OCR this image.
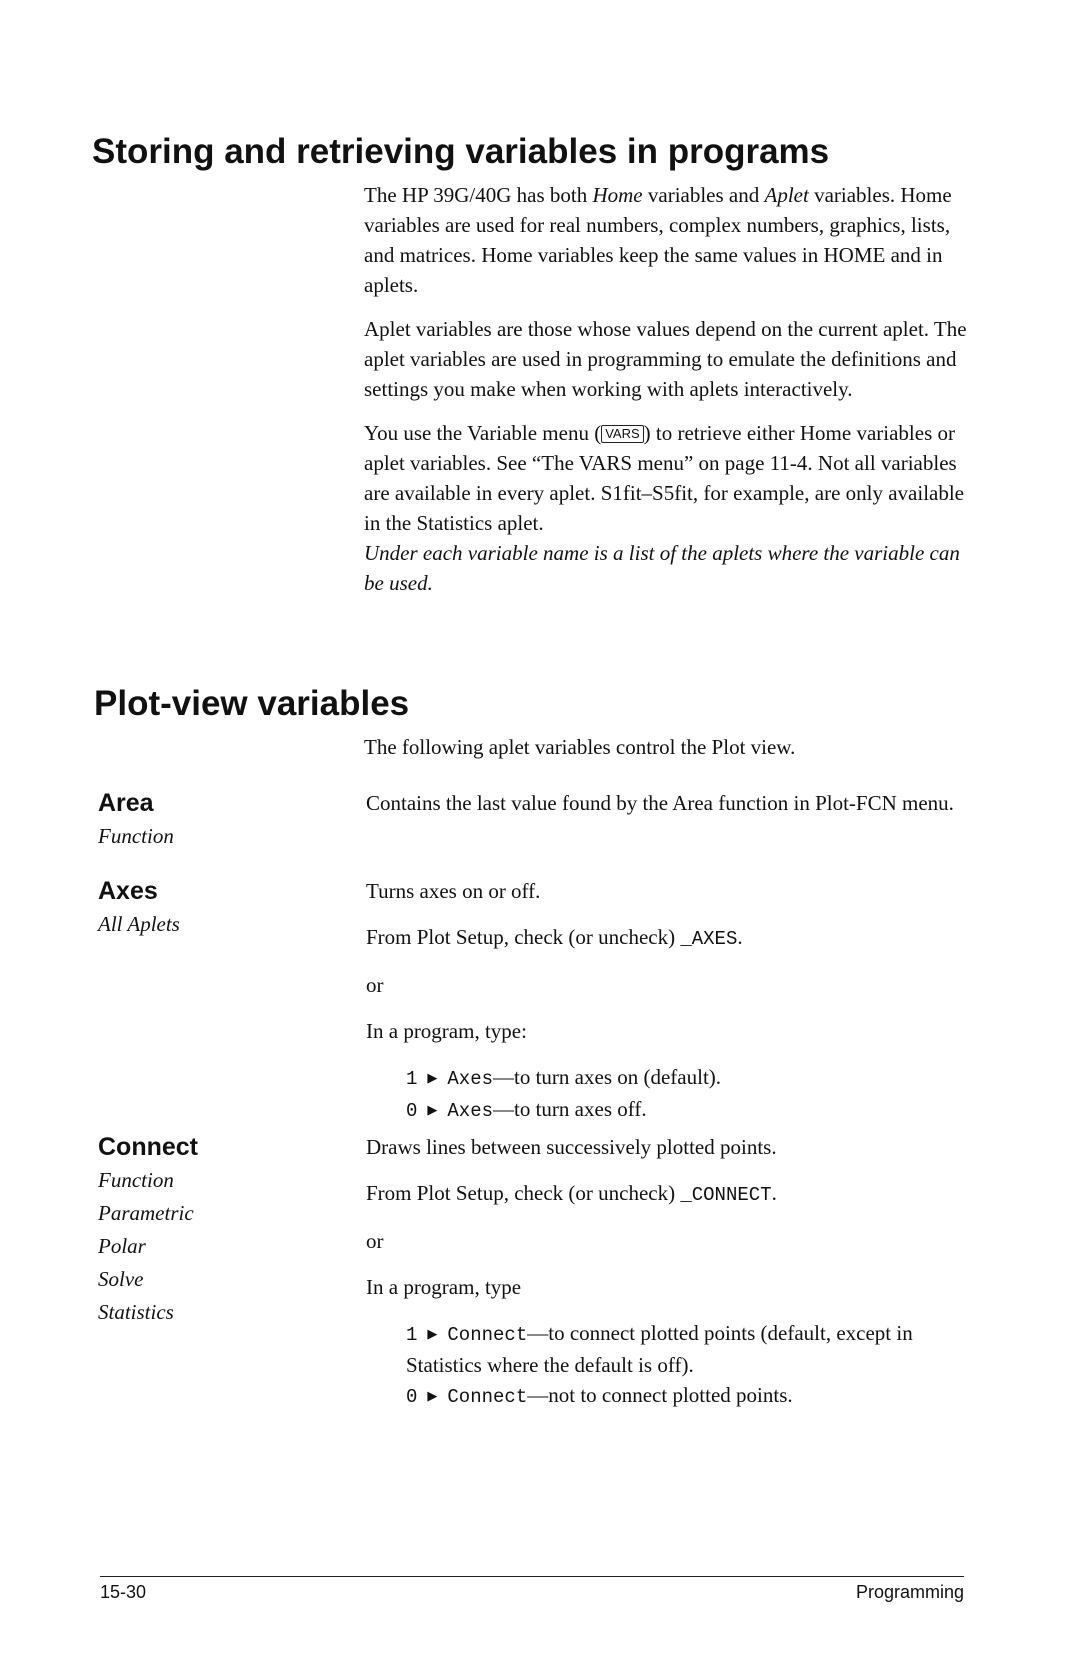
Storing and retrieving variables in programs

The HP 39G/40G has both Home variables and Aplet variables. Home variables are used for real numbers, complex numbers, graphics, lists, and matrices. Home variables keep the same values in HOME and in aplets.

Aplet variables are those whose values depend on the current aplet. The aplet variables are used in programming to emulate the definitions and settings you make when working with aplets interactively.

You use the Variable menu ( VARS ) to retrieve either Home variables or aplet variables. See “The VARS menu” on page 11-4. Not all variables are available in every aplet. S1fit–S5fit, for example, are only available in the Statistics aplet.

Under each variable name is a list of the aplets where the variable can be used.

Plot-view variables
The following aplet variables control the Plot view.
Area
Function
Contains the last value found by the Area function in Plot-FCN menu.
Axes
All Aplets

Turns axes on or off.

From Plot Setup, check (or uncheck) _AXES.

or

In a program, type:

1 ▶ Axes—to turn axes on (default).
0 ▶ Axes—to turn axes off.
Connect
Function
Parametric
Polar
Solve
Statistics

Draws lines between successively plotted points.

From Plot Setup, check (or uncheck) _CONNECT.

or

In a program, type

1 ▶ Connect—to connect plotted points (default, except in Statistics where the default is off).
0 ▶ Connect—not to connect plotted points.
15-30	Programming
